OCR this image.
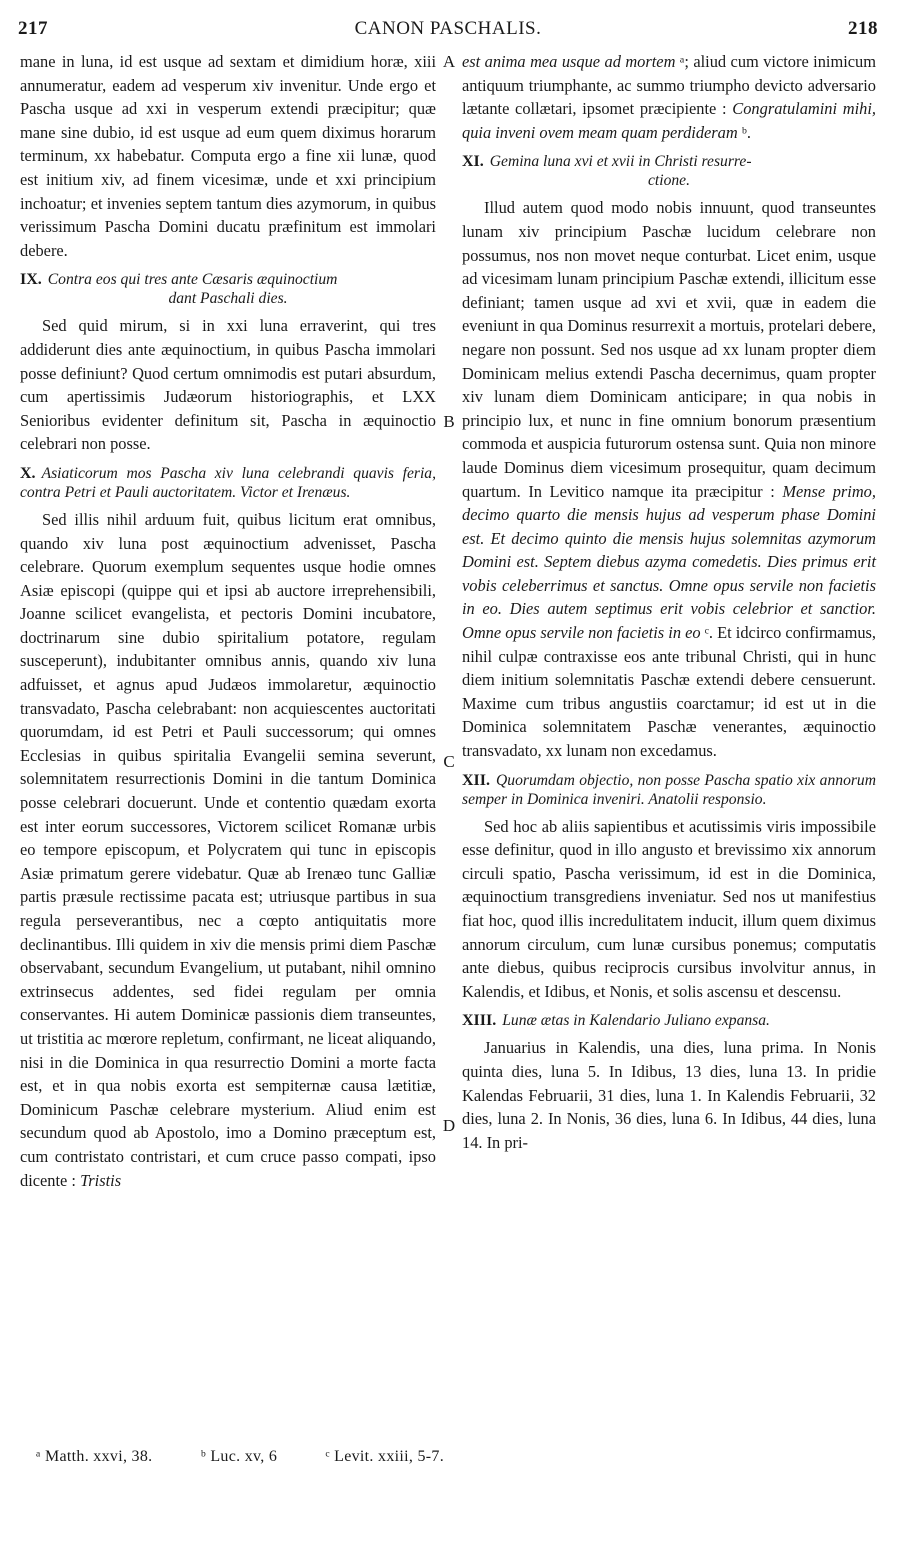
217	CANON PASCHALIS.	218

mane in luna, id est usque ad sextam et dimidium horæ, xiii annumeratur, eadem ad vesperum xiv invenitur. Unde ergo et Pascha usque ad xxi in vesperum extendi præcipitur; quæ mane sine dubio, id est usque ad eum quem diximus horarum terminum, xx habebatur. Computa ergo a fine xii lunæ, quod est initium xiv, ad finem vicesimæ, unde et xxi principium inchoatur; et invenies septem tantum dies azymorum, in quibus verissimum Pascha Domini ducatu præfinitum est immolari debere.

IX. Contra eos qui tres ante Cæsaris æquinoctium
dant Paschali dies.

Sed quid mirum, si in xxi luna erraverint, qui tres addiderunt dies ante æquinoctium, in quibus Pascha immolari posse definiunt? Quod certum omnimodis est putari absurdum, cum apertissimis Judæorum historiographis, et LXX Senioribus evidenter definitum sit, Pascha in æquinoctio celebrari non posse.

X. Asiaticorum mos Pascha xiv luna celebrandi quavis feria, contra Petri et Pauli auctoritatem. Victor et Irenæus.

Sed illis nihil arduum fuit, quibus licitum erat omnibus, quando xiv luna post æquinoctium advenisset, Pascha celebrare. Quorum exemplum sequentes usque hodie omnes Asiæ episcopi (quippe qui et ipsi ab auctore irreprehensibili, Joanne scilicet evangelista, et pectoris Domini incubatore, doctrinarum sine dubio spiritalium potatore, regulam susceperunt), indubitanter omnibus annis, quando xiv luna adfuisset, et agnus apud Judæos immolaretur, æquinoctio transvadato, Pascha celebrabant: non acquiescentes auctoritati quorumdam, id est Petri et Pauli successorum; qui omnes Ecclesias in quibus spiritalia Evangelii semina severunt, solemnitatem resurrectionis Domini in die tantum Dominica posse celebrari docuerunt. Unde et contentio quædam exorta est inter eorum successores, Victorem scilicet Romanæ urbis eo tempore episcopum, et Polycratem qui tunc in episcopis Asiæ primatum gerere videbatur. Quæ ab Irenæo tunc Galliæ partis præsule rectissime pacata est; utriusque partibus in sua regula perseverantibus, nec a cœpto antiquitatis more declinantibus. Illi quidem in xiv die mensis primi diem Paschæ observabant, secundum Evangelium, ut putabant, nihil omnino extrinsecus addentes, sed fidei regulam per omnia conservantes. Hi autem Dominicæ passionis diem transeuntes, ut tristitia ac mœrore repletum, confirmant, ne liceat aliquando, nisi in die Dominica in qua resurrectio Domini a morte facta est, et in qua nobis exorta est sempiternæ causa lætitiæ, Dominicum Paschæ celebrare mysterium. Aliud enim est secundum quod ab Apostolo, imo a Domino præceptum est, cum contristato contristari, et cum cruce passo compati, ipso dicente : Tristis

A
B
C
D

est anima mea usque ad mortem ᵃ; aliud cum victore inimicum antiquum triumphante, ac summo triumpho devicto adversario lætante collætari, ipsomet præcipiente : Congratulamini mihi, quia inveni ovem meam quam perdideram ᵇ.

XI. Gemina luna xvi et xvii in Christi resurre-
ctione.

Illud autem quod modo nobis innuunt, quod transeuntes lunam xiv principium Paschæ lucidum celebrare non possumus, nos non movet neque conturbat. Licet enim, usque ad vicesimam lunam principium Paschæ extendi, illicitum esse definiant; tamen usque ad xvi et xvii, quæ in eadem die eveniunt in qua Dominus resurrexit a mortuis, protelari debere, negare non possunt. Sed nos usque ad xx lunam propter diem Dominicam melius extendi Pascha decernimus, quam propter xiv lunam diem Dominicam anticipare; in qua nobis in principio lux, et nunc in fine omnium bonorum præsentium commoda et auspicia futurorum ostensa sunt. Quia non minore laude Dominus diem vicesimum prosequitur, quam decimum quartum. In Levitico namque ita præcipitur : Mense primo, decimo quarto die mensis hujus ad vesperum phase Domini est. Et decimo quinto die mensis hujus solemnitas azymorum Domini est. Septem diebus azyma comedetis. Dies primus erit vobis celeberrimus et sanctus. Omne opus servile non facietis in eo. Dies autem septimus erit vobis celebrior et sanctior. Omne opus servile non facietis in eo ᶜ. Et idcirco confirmamus, nihil culpæ contraxisse eos ante tribunal Christi, qui in hunc diem initium solemnitatis Paschæ extendi debere censuerunt. Maxime cum tribus angustiis coarctamur; id est ut in die Dominica solemnitatem Paschæ venerantes, æquinoctio transvadato, xx lunam non excedamus.

XII. Quorumdam objectio, non posse Pascha spatio xix annorum semper in Dominica inveniri. Anatolii responsio.

Sed hoc ab aliis sapientibus et acutissimis viris impossibile esse definitur, quod in illo angusto et brevissimo xix annorum circuli spatio, Pascha verissimum, id est in die Dominica, æquinoctium transgrediens inveniatur. Sed nos ut manifestius fiat hoc, quod illis incredulitatem inducit, illum quem diximus annorum circulum, cum lunæ cursibus ponemus; computatis ante diebus, quibus reciprocis cursibus involvitur annus, in Kalendis, et Idibus, et Nonis, et solis ascensu et descensu.

XIII. Lunæ ætas in Kalendario Juliano expansa.

Januarius in Kalendis, una dies, luna prima. In Nonis quinta dies, luna 5. In Idibus, 13 dies, luna 13. In pridie Kalendas Februarii, 31 dies, luna 1. In Kalendis Februarii, 32 dies, luna 2. In Nonis, 36 dies, luna 6. In Idibus, 44 dies, luna 14. In pri-

ᵃ Matth. xxvi, 38.	ᵇ Luc. xv, 6	ᶜ Levit. xxiii, 5-7.
